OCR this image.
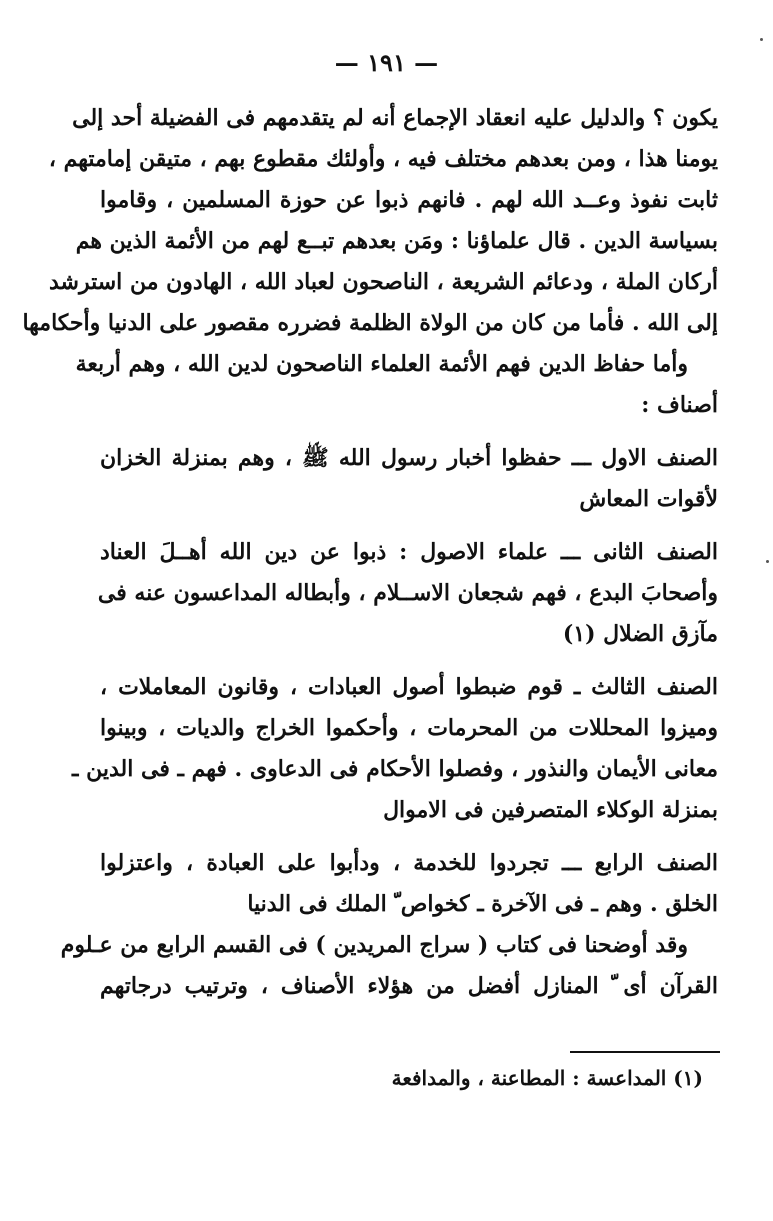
— ١٩١ —
يكون ؟ والدليل عليه انعقاد الإجماع أنه لم يتقدمهم فى الفضيلة أحد إلى
يومنا هذا ، ومن بعدهم مختلف فيه ، وأولئك مقطوع بهم ، متيقن إمامتهم ،
ثابت نفوذ وعــد الله لهم . فانهم ذبوا عن حوزة المسلمين ، وقاموا
بسياسة الدين . قال علماؤنا : ومَن بعدهم تبــع لهم من الأئمة الذين هم
أركان الملة ، ودعائم الشريعة ، الناصحون لعباد الله ، الهادون من استرشد
إلى الله . فأما من كان من الولاة الظلمة فضرره مقصور على الدنيا وأحكامها
وأما حفاظ الدين فهم الأئمة العلماء الناصحون لدين الله ، وهم أربعة
أصناف :
الصنف الاول ـــ حفظوا أخبار رسول الله ﷺ ، وهم بمنزلة الخزان
لأقوات المعاش
الصنف الثانى ـــ علماء الاصول : ذبوا عن دين الله أهــلَ العناد
وأصحابَ البدع ، فهم شجعان الاســلام ، وأبطاله المداعسون عنه فى
مآزق الضلال (١)
الصنف الثالث ـ قوم ضبطوا أصول العبادات ، وقانون المعاملات ،
وميزوا المحللات من المحرمات ، وأحكموا الخراج والديات ، وبينوا
معانى الأيمان والنذور ، وفصلوا الأحكام فى الدعاوى . فهم ـ فى الدين ـ
بمنزلة الوكلاء المتصرفين فى الاموال
الصنف الرابع ـــ تجردوا للخدمة ، ودأبوا على العبادة ، واعتزلوا
الخلق . وهم ـ فى الآخرة ـ كخواص ّ الملك فى الدنيا
وقد أوضحنا فى كتاب ( سراج المريدين ) فى القسم الرابع من عـلوم
القرآن أى ّ المنازل أفضل من هؤلاء الأصناف ، وترتيب درجاتهم
(١) المداعسة : المطاعنة ، والمدافعة
